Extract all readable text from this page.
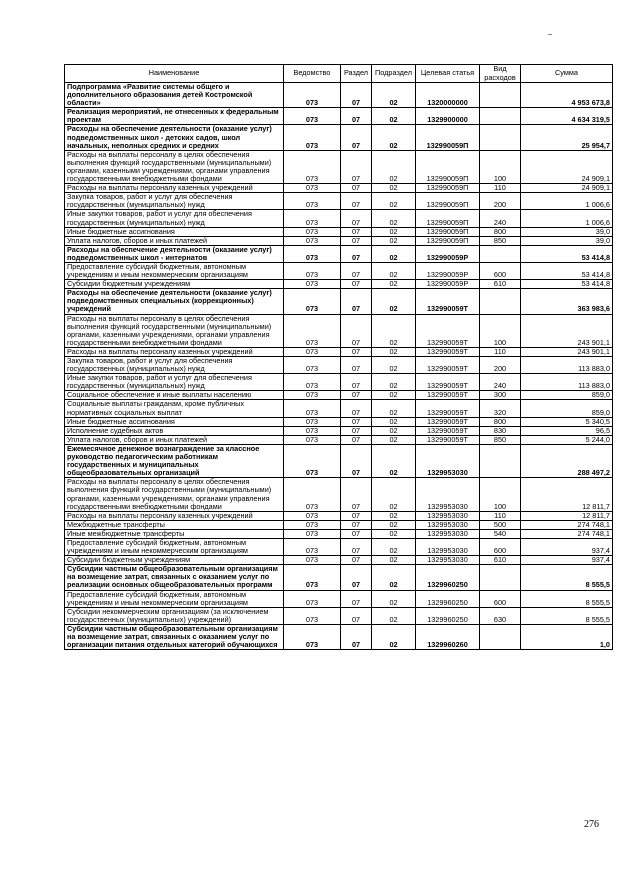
Наименование	Ведомство	Раздел	Подраздел	Целевая статья	Вид расходов	Сумма
Подпрограмма «Развитие системы общего и дополнительного образования детей Костромской области»	073	07	02	1320000000		4 953 673,8
Реализация мероприятий, не отнесенных к федеральным проектам	073	07	02	1329900000		4 634 319,5
Расходы на обеспечение деятельности (оказание услуг) подведомственных школ - детских садов, школ начальных, неполных средних и средних	073	07	02	132990059П		25 954,7
Расходы на выплаты персоналу в целях обеспечения выполнения функций государственными (муниципальными) органами, казенными учреждениями, органами управления государственными внебюджетными фондами	073	07	02	132990059П	100	24 909,1
Расходы на выплаты персоналу казенных учреждений	073	07	02	132990059П	110	24 909,1
Закупка товаров, работ и услуг для обеспечения государственных (муниципальных) нужд	073	07	02	132990059П	200	1 006,6
Иные закупки товаров, работ и услуг для обеспечения государственных (муниципальных) нужд	073	07	02	132990059П	240	1 006,6
Иные бюджетные ассигнования	073	07	02	132990059П	800	39,0
Уплата налогов, сборов и иных платежей	073	07	02	132990059П	850	39,0
Расходы на обеспечение деятельности (оказание услуг) подведомственных школ - интернатов	073	07	02	132990059Р		53 414,8
Предоставление субсидий бюджетным, автономным учреждениям и иным некоммерческим организациям	073	07	02	132990059Р	600	53 414,8
Субсидии бюджетным учреждениям	073	07	02	132990059Р	610	53 414,8
Расходы на обеспечение деятельности (оказание услуг) подведомственных специальных (коррекционных) учреждений	073	07	02	132990059Т		363 983,6
Расходы на выплаты персоналу в целях обеспечения выполнения функций государственными (муниципальными) органами, казенными учреждениями, органами управления государственными внебюджетными фондами	073	07	02	132990059Т	100	243 901,1
Расходы на выплаты персоналу казенных учреждений	073	07	02	132990059Т	110	243 901,1
Закупка товаров, работ и услуг для обеспечения государственных (муниципальных) нужд	073	07	02	132990059Т	200	113 883,0
Иные закупки товаров, работ и услуг для обеспечения государственных (муниципальных) нужд	073	07	02	132990059Т	240	113 883,0
Социальное обеспечение и иные выплаты населению	073	07	02	132990059Т	300	859,0
Социальные выплаты гражданам, кроме публичных нормативных социальных выплат	073	07	02	132990059Т	320	859,0
Иные бюджетные ассигнования	073	07	02	132990059Т	800	5 340,5
Исполнение судебных актов	073	07	02	132990059Т	830	96,5
Уплата налогов, сборов и иных платежей	073	07	02	132990059Т	850	5 244,0
Ежемесячное денежное вознаграждение за классное руководство педагогическим работникам государственных и муниципальных общеобразовательных организаций	073	07	02	1329953030		288 497,2
Расходы на выплаты персоналу в целях обеспечения выполнения функций государственными (муниципальными) органами, казенными учреждениями, органами управления государственными внебюджетными фондами	073	07	02	1329953030	100	12 811,7
Расходы на выплаты персоналу казенных учреждений	073	07	02	1329953030	110	12 811,7
Межбюджетные трансферты	073	07	02	1329953030	500	274 748,1
Иные межбюджетные трансферты	073	07	02	1329953030	540	274 748,1
Предоставление субсидий бюджетным, автономным учреждениям и иным некоммерческим организациям	073	07	02	1329953030	600	937,4
Субсидии бюджетным учреждениям	073	07	02	1329953030	610	937,4
Субсидии частным общеобразовательным организациям на возмещение затрат, связанных с оказанием услуг по реализации основных общеобразовательных программ	073	07	02	1329960250		8 555,5
Предоставление субсидий бюджетным, автономным учреждениям и иным некоммерческим организациям	073	07	02	1329960250	600	8 555,5
Субсидии некоммерческим организациям (за исключением государственных (муниципальных) учреждений)	073	07	02	1329960250	630	8 555,5
Субсидии частным общеобразовательным организациям на возмещение затрат, связанных с оказанием услуг по организации питания отдельных категорий обучающихся	073	07	02	1329960260		1,0
276
